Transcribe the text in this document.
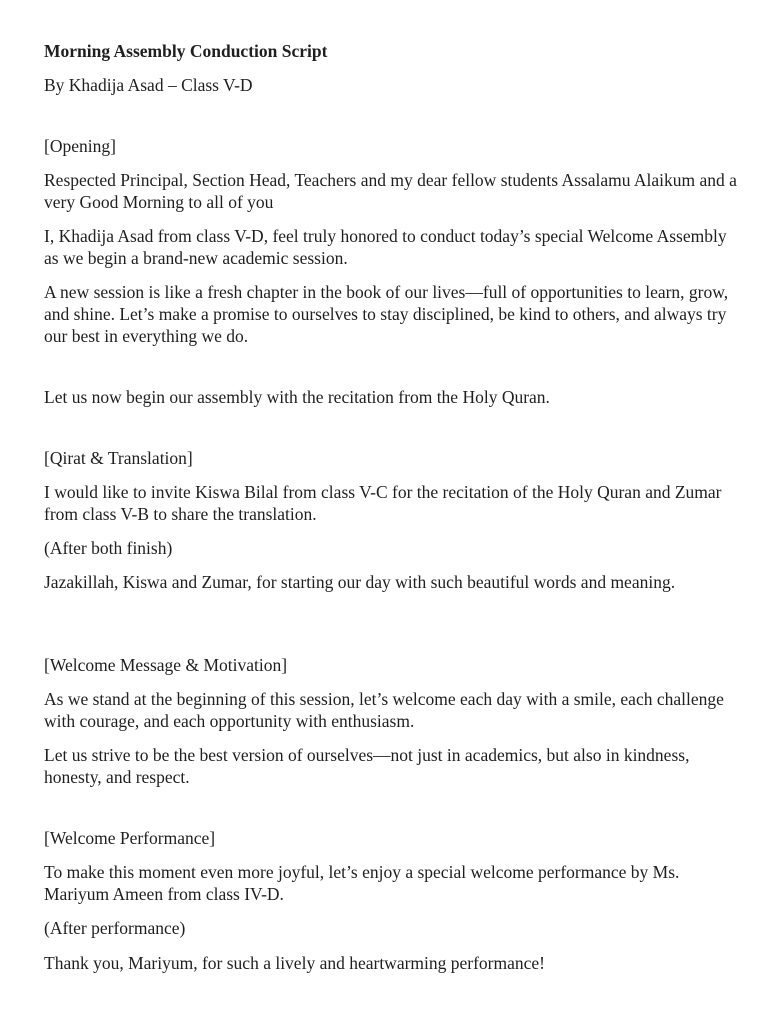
Morning Assembly Conduction Script

By Khadija Asad – Class V-D

[Opening]

Respected Principal, Section Head, Teachers and my dear fellow students Assalamu Alaikum and a very Good Morning to all of you

I, Khadija Asad from class V-D, feel truly honored to conduct today’s special Welcome Assembly as we begin a brand-new academic session.

A new session is like a fresh chapter in the book of our lives—full of opportunities to learn, grow, and shine. Let’s make a promise to ourselves to stay disciplined, be kind to others, and always try our best in everything we do.

Let us now begin our assembly with the recitation from the Holy Quran.

[Qirat & Translation]

I would like to invite Kiswa Bilal from class V-C for the recitation of the Holy Quran and Zumar from class V-B to share the translation.

(After both finish)

Jazakillah, Kiswa and Zumar, for starting our day with such beautiful words and meaning.

[Welcome Message & Motivation]

As we stand at the beginning of this session, let’s welcome each day with a smile, each challenge with courage, and each opportunity with enthusiasm.

Let us strive to be the best version of ourselves—not just in academics, but also in kindness, honesty, and respect.

[Welcome Performance]

To make this moment even more joyful, let’s enjoy a special welcome performance by Ms. Mariyum Ameen from class IV-D.

(After performance)

Thank you, Mariyum, for such a lively and heartwarming performance!
